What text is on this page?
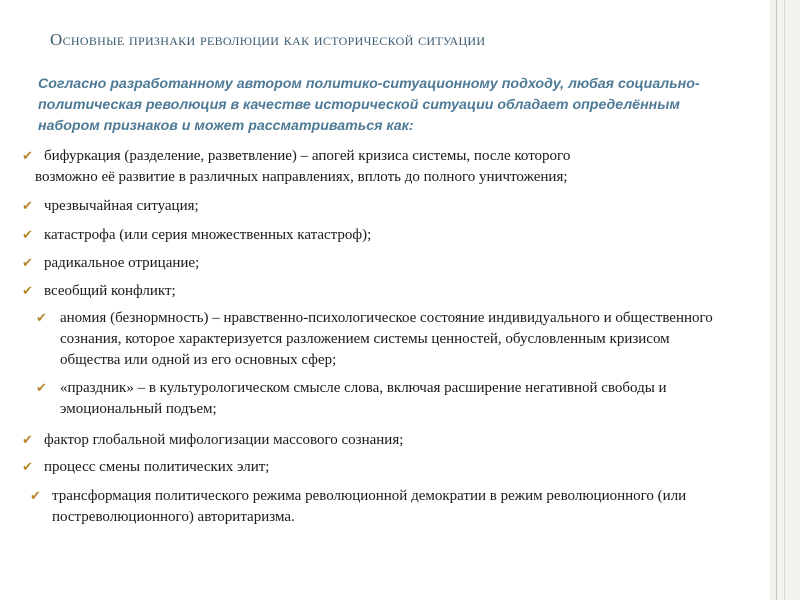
Основные признаки революции как исторической ситуации
Согласно разработанному автором политико-ситуационному подходу, любая социально-политическая революция в качестве исторической ситуации обладает определённым набором признаков и может рассматриваться как:
✔ бифуркация (разделение, разветвление) – апогей кризиса системы, после которого
возможно её развитие в различных направлениях, вплоть до полного уничтожения;
✔ чрезвычайная ситуация;
✔ катастрофа (или серия множественных катастроф);
✔ радикальное отрицание;
✔ всеобщий конфликт;
✔ аномия (безнормность) – нравственно-психологическое состояние индивидуального и общественного сознания, которое характеризуется разложением системы ценностей, обусловленным кризисом общества или одной из его основных сфер;
✔ «праздник» – в культурологическом смысле слова, включая расширение негативной свободы и эмоциональный подъем;
✔ фактор глобальной мифологизации массового сознания;
✔ процесс смены политических элит;
✔ трансформация политического режима революционной демократии в режим революционного (или постреволюционного) авторитаризма.
